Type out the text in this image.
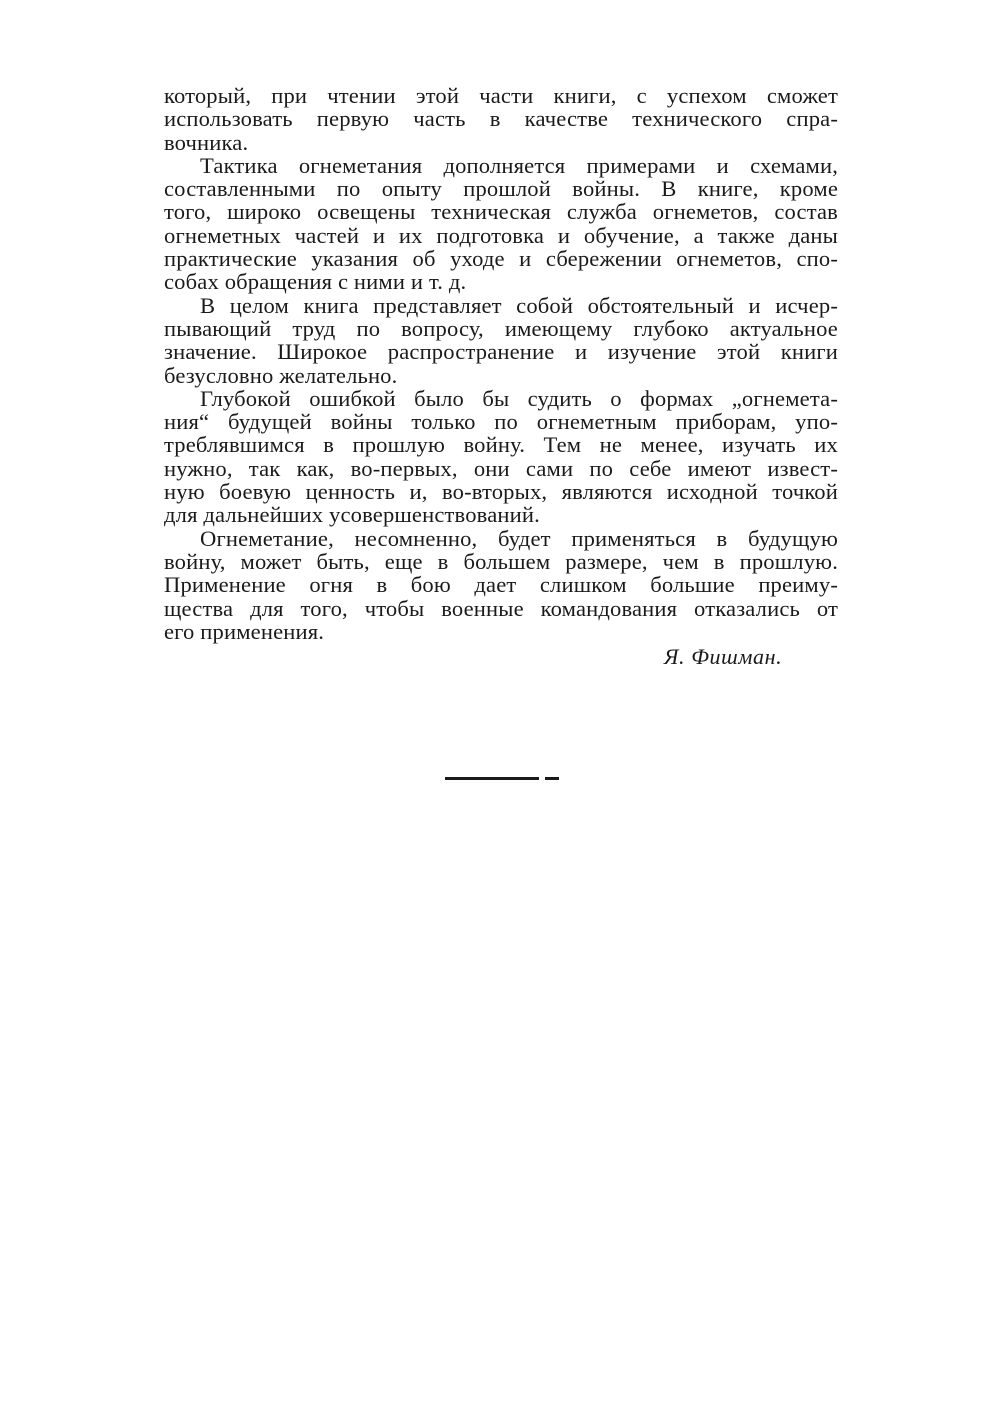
который, при чтении этой части книги, с успехом сможет
использовать первую часть в качестве технического спра-
вочника.
Тактика огнеметания дополняется примерами и схемами,
составленными по опыту прошлой войны. В книге, кроме
того, широко освещены техническая служба огнеметов, состав
огнеметных частей и их подготовка и обучение, а также даны
практические указания об уходе и сбережении огнеметов, спо-
собах обращения с ними и т. д.
В целом книга представляет собой обстоятельный и исчер-
пывающий труд по вопросу, имеющему глубоко актуальное
значение. Широкое распространение и изучение этой книги
безусловно желательно.
Глубокой ошибкой было бы судить о формах „огнемета-
ния“ будущей войны только по огнеметным приборам, упо-
треблявшимся в прошлую войну. Тем не менее, изучать их
нужно, так как, во-первых, они сами по себе имеют извест-
ную боевую ценность и, во-вторых, являются исходной точкой
для дальнейших усовершенствований.
Огнеметание, несомненно, будет применяться в будущую
войну, может быть, еще в большем размере, чем в прошлую.
Применение огня в бою дает слишком большие преиму-
щества для того, чтобы военные командования отказались от
его применения.
Я. Фишман.
